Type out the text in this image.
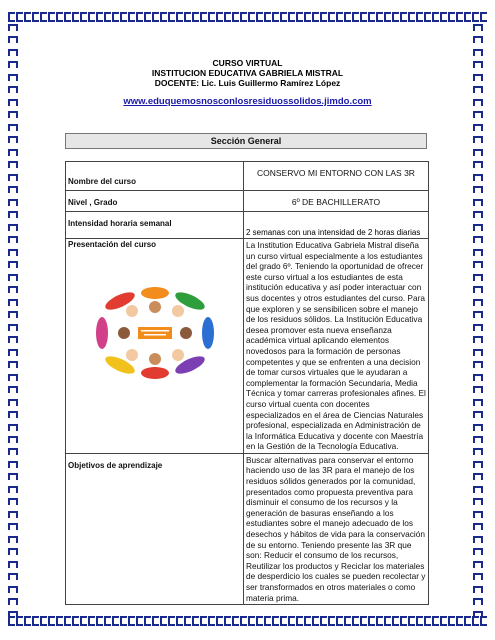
CURSO VIRTUAL
INSTITUCION EDUCATIVA GABRIELA MISTRAL
DOCENTE: Lic. Luis Guillermo Ramírez López
www.eduquemosnosconlosresiduossolidos.jimdo.com
Sección General
Nombre del curso	CONSERVO MI ENTORNO CON LAS 3R
Nivel , Grado	6º DE BACHILLERATO
Intensidad horaria semanal	2 semanas con una intensidad de 2 horas diarias

Presentación del curso	La Institution Educativa Gabriela Mistral diseña un curso virtual especialmente a los estudiantes del grado 6º. Teniendo la oportunidad de ofrecer este curso virtual a los estudiantes de esta institución educativa y así poder interactuar con sus docentes y otros estudiantes del curso. Para que exploren y se sensibilicen sobre el manejo de los residuos sólidos. La Institución Educativa desea promover esta nueva enseñanza académica virtual aplicando elementos novedosos para la formación de personas competentes y que se enfrenten a una decision de tomar cursos virtuales que le ayudaran a complementar la formación Secundaria, Media Técnica y tomar carreras profesionales afines. El curso virtual cuenta con docentes especializados en el área de Ciencias Naturales profesional, especializada en Administración de la Informática Educativa y docente con Maestría en la Gestión de la Tecnología Educativa.
Objetivos de aprendizaje	Buscar alternativas para conservar el entorno haciendo uso de las 3R para el manejo de los residuos sólidos generados por la comunidad, presentados como propuesta preventiva para disminuir el consumo de los recursos y la generación de basuras enseñando a los estudiantes sobre el manejo adecuado de los desechos y hábitos de vida para la conservación de su entorno. Teniendo presente las 3R que son: Reducir el consumo de los recursos, Reutilizar los productos y Reciclar los materiales de desperdicio los cuales se pueden recolectar y ser transformados en otros materiales o como materia prima.
